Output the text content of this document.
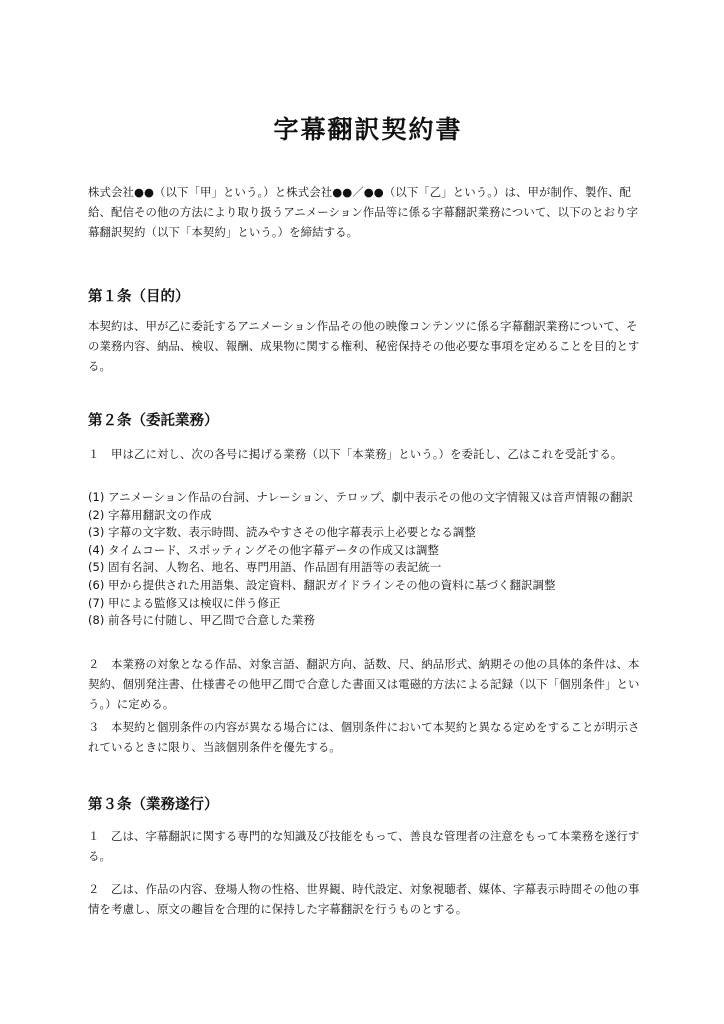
字幕翻訳契約書

株式会社●●（以下「甲」という。）と株式会社●●／●●（以下「乙」という。）は、甲が制作、製作、配給、配信その他の方法により取り扱うアニメーション作品等に係る字幕翻訳業務について、以下のとおり字幕翻訳契約（以下「本契約」という。）を締結する。

第１条（目的）

本契約は、甲が乙に委託するアニメーション作品その他の映像コンテンツに係る字幕翻訳業務について、その業務内容、納品、検収、報酬、成果物に関する権利、秘密保持その他必要な事項を定めることを目的とする。

第２条（委託業務）

１　甲は乙に対し、次の各号に掲げる業務（以下「本業務」という。）を委託し、乙はこれを受託する。

(1) アニメーション作品の台詞、ナレーション、テロップ、劇中表示その他の文字情報又は音声情報の翻訳

(2) 字幕用翻訳文の作成

(3) 字幕の文字数、表示時間、読みやすさその他字幕表示上必要となる調整

(4) タイムコード、スポッティングその他字幕データの作成又は調整

(5) 固有名詞、人物名、地名、専門用語、作品固有用語等の表記統一

(6) 甲から提供された用語集、設定資料、翻訳ガイドラインその他の資料に基づく翻訳調整

(7) 甲による監修又は検収に伴う修正

(8) 前各号に付随し、甲乙間で合意した業務

２　本業務の対象となる作品、対象言語、翻訳方向、話数、尺、納品形式、納期その他の具体的条件は、本契約、個別発注書、仕様書その他甲乙間で合意した書面又は電磁的方法による記録（以下「個別条件」という。）に定める。

３　本契約と個別条件の内容が異なる場合には、個別条件において本契約と異なる定めをすることが明示されているときに限り、当該個別条件を優先する。

第３条（業務遂行）

１　乙は、字幕翻訳に関する専門的な知識及び技能をもって、善良な管理者の注意をもって本業務を遂行する。

２　乙は、作品の内容、登場人物の性格、世界観、時代設定、対象視聴者、媒体、字幕表示時間その他の事情を考慮し、原文の趣旨を合理的に保持した字幕翻訳を行うものとする。
